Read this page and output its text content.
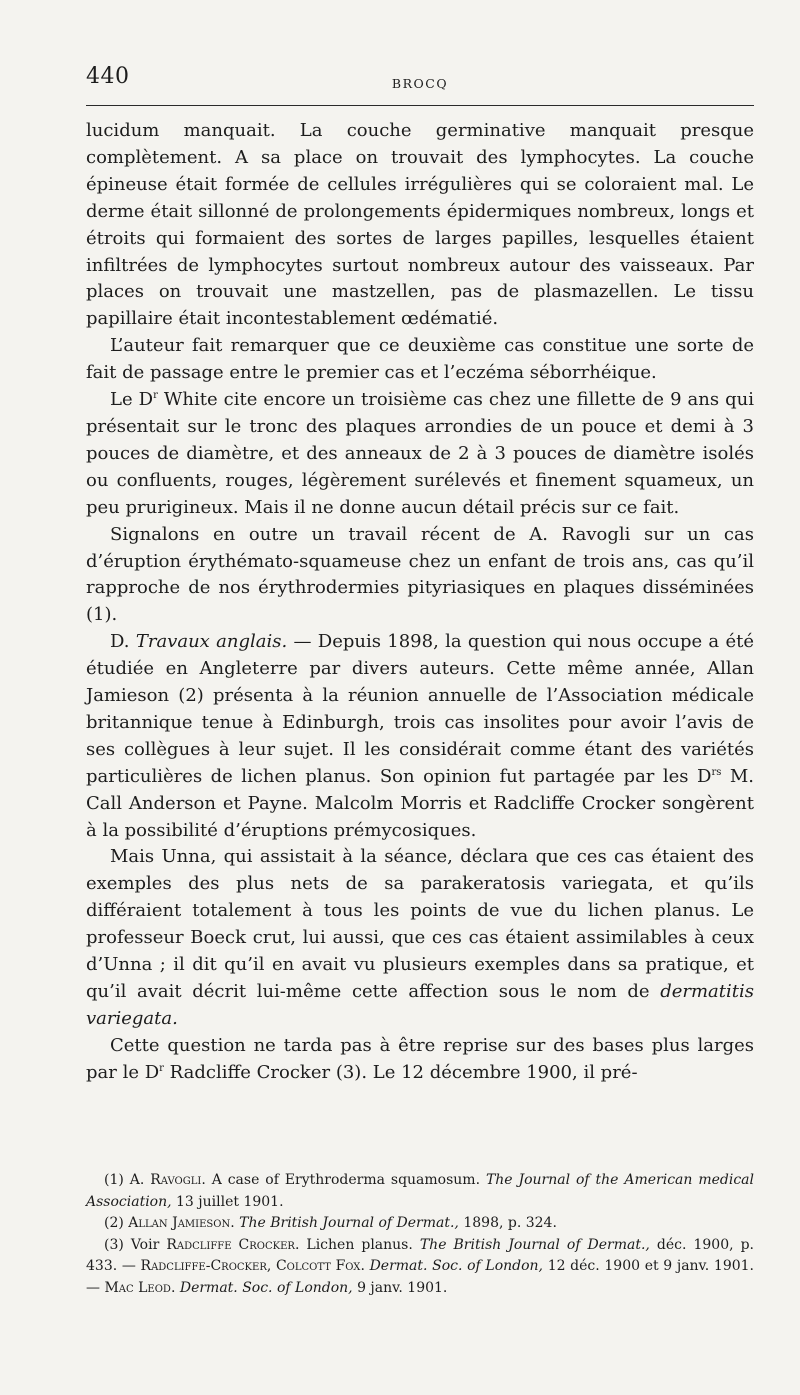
440	BROCQ

lucidum manquait. La couche germinative manquait presque complètement. A sa place on trouvait des lymphocytes. La couche épineuse était formée de cellules irrégulières qui se coloraient mal. Le derme était sillonné de prolongements épidermiques nombreux, longs et étroits qui formaient des sortes de larges papilles, lesquelles étaient infiltrées de lymphocytes surtout nombreux autour des vaisseaux. Par places on trouvait une mastzellen, pas de plasmazellen. Le tissu papillaire était incontestablement œdématié.

L’auteur fait remarquer que ce deuxième cas constitue une sorte de fait de passage entre le premier cas et l’eczéma séborrhéique.

Le $D^r$ White cite encore un troisième cas chez une fillette de 9 ans qui présentait sur le tronc des plaques arrondies de un pouce et demi à 3 pouces de diamètre, et des anneaux de 2 à 3 pouces de diamètre isolés ou confluents, rouges, légèrement surélevés et finement squameux, un peu prurigineux. Mais il ne donne aucun détail précis sur ce fait.

Signalons en outre un travail récent de A. Ravogli sur un cas d’éruption érythémato-squameuse chez un enfant de trois ans, cas qu’il rapproche de nos érythrodermies pityriasiques en plaques disséminées (1).

D. Travaux anglais. — Depuis 1898, la question qui nous occupe a été étudiée en Angleterre par divers auteurs. Cette même année, Allan Jamieson (2) présenta à la réunion annuelle de l’Association médicale britannique tenue à Edinburgh, trois cas insolites pour avoir l’avis de ses collègues à leur sujet. Il les considérait comme étant des variétés particulières de lichen planus. Son opinion fut partagée par les $D^{rs}$ M. Call Anderson et Payne. Malcolm Morris et Radcliffe Crocker songèrent à la possibilité d’éruptions prémycosiques.

Mais Unna, qui assistait à la séance, déclara que ces cas étaient des exemples des plus nets de sa parakeratosis variegata, et qu’ils différaient totalement à tous les points de vue du lichen planus. Le professeur Boeck crut, lui aussi, que ces cas étaient assimilables à ceux d’Unna ; il dit qu’il en avait vu plusieurs exemples dans sa pratique, et qu’il avait décrit lui-même cette affection sous le nom de dermatitis variegata.

Cette question ne tarda pas à être reprise sur des bases plus larges par le $D^r$ Radcliffe Crocker (3). Le 12 décembre 1900, il pré-

(1) A. Ravogli. A case of Erythroderma squamosum. The Journal of the American medical Association, 13 juillet 1901.

(2) Allan Jamieson. The British Journal of Dermat., 1898, p. 324.

(3) Voir Radcliffe Crocker. Lichen planus. The British Journal of Dermat., déc. 1900, p. 433. — Radcliffe-Crocker, Colcott Fox. Dermat. Soc. of London, 12 déc. 1900 et 9 janv. 1901. — Mac Leod. Dermat. Soc. of London, 9 janv. 1901.
